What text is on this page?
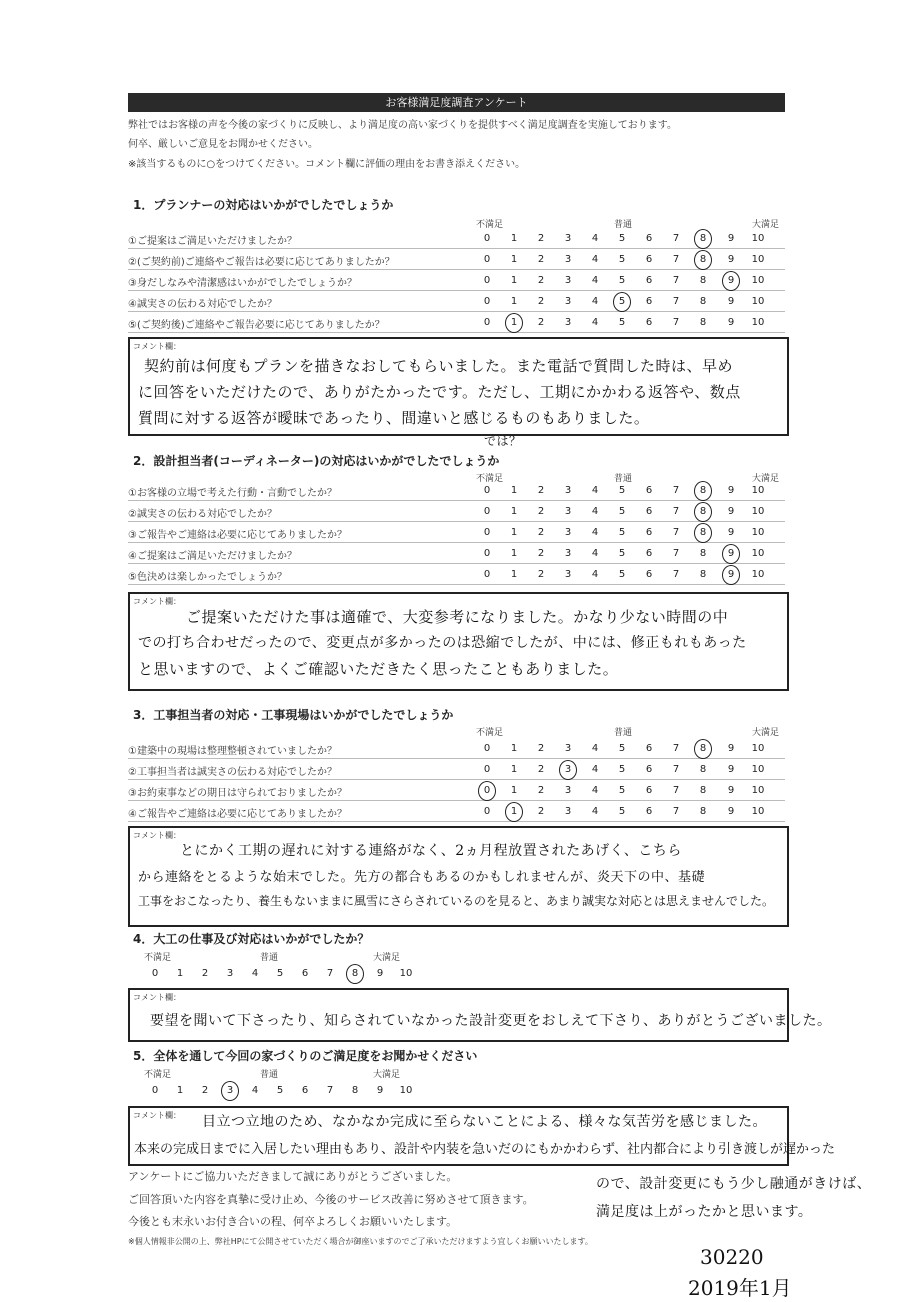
お客様満足度調査アンケート
弊社ではお客様の声を今後の家づくりに反映し、より満足度の高い家づくりを提供すべく満足度調査を実施しております。
何卒、厳しいご意見をお聞かせください。
※該当するものに○をつけてください。コメント欄に評価の理由をお書き添えください。
1．プランナーの対応はいかがでしたでしょうか
不満足	普通	大満足
①ご提案はご満足いただけましたか？	0	1	2	3	4	5	6	7	8	9	10
②(ご契約前)ご連絡やご報告は必要に応じてありましたか？	0	1	2	3	4	5	6	7	8	9	10
③身だしなみや清潔感はいかがでしたでしょうか？	0	1	2	3	4	5	6	7	8	9	10
④誠実さの伝わる対応でしたか？	0	1	2	3	4	5	6	7	8	9	10
⑤(ご契約後)ご連絡やご報告必要に応じてありましたか？	0	1	2	3	4	5	6	7	8	9	10
コメント欄：
契約前は何度もプランを描きなおしてもらいました。また電話で質問した時は、早め
に回答をいただけたので、ありがたかったです。ただし、工期にかかわる返答や、数点
質問に対する返答が曖昧であったり、間違いと感じるものもありました。
では？
2．設計担当者(コーディネーター)の対応はいかがでしたでしょうか
不満足	普通	大満足
①お客様の立場で考えた行動・言動でしたか？	0	1	2	3	4	5	6	7	8	9	10
②誠実さの伝わる対応でしたか？	0	1	2	3	4	5	6	7	8	9	10
③ご報告やご連絡は必要に応じてありましたか？	0	1	2	3	4	5	6	7	8	9	10
④ご提案はご満足いただけましたか？	0	1	2	3	4	5	6	7	8	9	10
⑤色決めは楽しかったでしょうか？	0	1	2	3	4	5	6	7	8	9	10
コメント欄：
ご提案いただけた事は適確で、大変参考になりました。かなり少ない時間の中
での打ち合わせだったので、変更点が多かったのは恐縮でしたが、中には、修正もれもあった
と思いますので、よくご確認いただきたく思ったこともありました。
3．工事担当者の対応・工事現場はいかがでしたでしょうか
不満足	普通	大満足
①建築中の現場は整理整頓されていましたか？	0	1	2	3	4	5	6	7	8	9	10
②工事担当者は誠実さの伝わる対応でしたか？	0	1	2	3	4	5	6	7	8	9	10
③お約束事などの期日は守られておりましたか？	0	1	2	3	4	5	6	7	8	9	10
④ご報告やご連絡は必要に応じてありましたか？	0	1	2	3	4	5	6	7	8	9	10
コメント欄：
とにかく工期の遅れに対する連絡がなく、2ヵ月程放置されたあげく、こちら
から連絡をとるような始末でした。先方の都合もあるのかもしれませんが、炎天下の中、基礎
工事をおこなったり、養生もないままに風雪にさらされているのを見ると、あまり誠実な対応とは思えませんでした。
4．大工の仕事及び対応はいかがでしたか？
不満足	普通	大満足
0	1	2	3	4	5	6	7	8	9	10
コメント欄：
要望を聞いて下さったり、知らされていなかった設計変更をおしえて下さり、ありがとうございました。
5．全体を通して今回の家づくりのご満足度をお聞かせください
不満足	普通	大満足
0	1	2	3	4	5	6	7	8	9	10
コメント欄： 目立つ立地のため、なかなか完成に至らないことによる、様々な気苦労を感じました。
本来の完成日までに入居したい理由もあり、設計や内装を急いだのにもかかわらず、社内都合により引き渡しが遅かった
ので、設計変更にもう少し融通がきけば、
満足度は上がったかと思います。
アンケートにご協力いただきまして誠にありがとうございました。
ご回答頂いた内容を真摯に受け止め、今後のサービス改善に努めさせて頂きます。
今後とも末永いお付き合いの程、何卒よろしくお願いいたします。
※個人情報非公開の上、弊社HPにて公開させていただく場合が御座いますのでご了承いただけますよう宜しくお願いいたします。
30220
2019年1月
